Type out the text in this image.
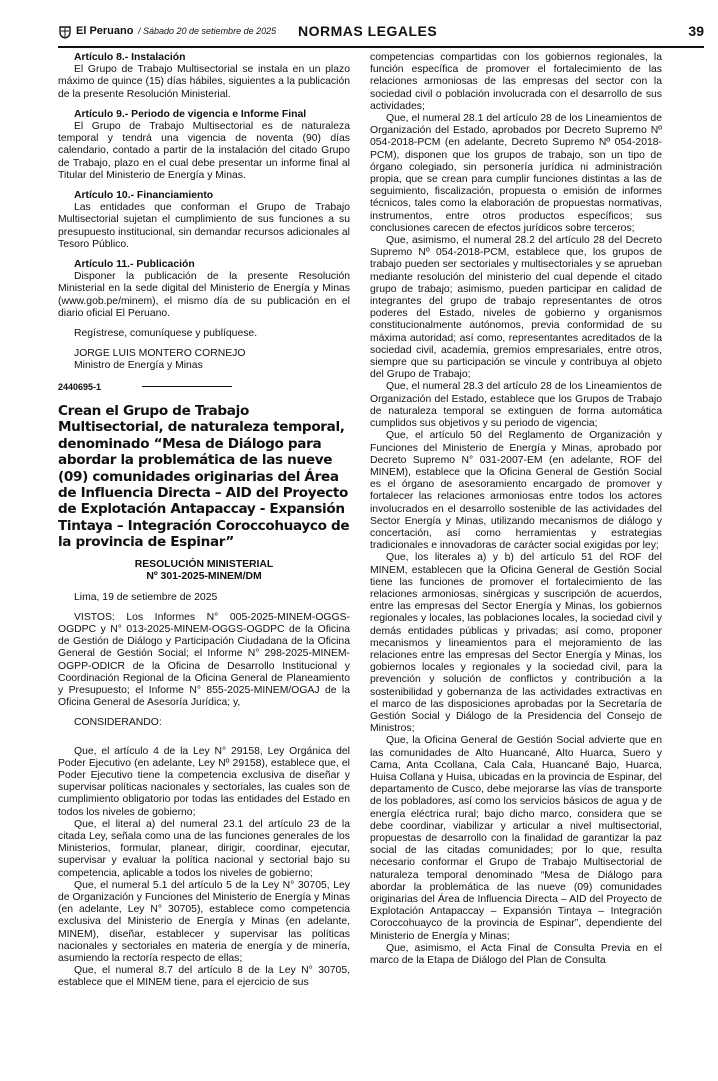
El Peruano / Sábado 20 de setiembre de 2025 NORMAS LEGALES	39

Artículo 8.- Instalación

El Grupo de Trabajo Multisectorial se instala en un plazo máximo de quince (15) días hábiles, siguientes a la publicación de la presente Resolución Ministerial.

Artículo 9.- Periodo de vigencia e Informe Final

El Grupo de Trabajo Multisectorial es de naturaleza temporal y tendrá una vigencia de noventa (90) días calendario, contado a partir de la instalación del citado Grupo de Trabajo, plazo en el cual debe presentar un informe final al Titular del Ministerio de Energía y Minas.

Artículo 10.- Financiamiento

Las entidades que conforman el Grupo de Trabajo Multisectorial sujetan el cumplimiento de sus funciones a su presupuesto institucional, sin demandar recursos adicionales al Tesoro Público.

Artículo 11.- Publicación

Disponer la publicación de la presente Resolución Ministerial en la sede digital del Ministerio de Energía y Minas (www.gob.pe/minem), el mismo día de su publicación en el diario oficial El Peruano.

Regístrese, comuníquese y publíquese.

JORGE LUIS MONTERO CORNEJO

Ministro de Energía y Minas

2440695-1
Crean el Grupo de Trabajo Multisectorial, de naturaleza temporal, denominado “Mesa de Diálogo para abordar la problemática de las nueve (09) comunidades originarias del Área de Influencia Directa – AID del Proyecto de Explotación Antapaccay - Expansión Tintaya – Integración Coroccohuayco de la provincia de Espinar”

RESOLUCIÓN MINISTERIAL

Nº 301-2025-MINEM/DM

Lima, 19 de setiembre de 2025

VISTOS: Los Informes N° 005-2025-MINEM-OGGS-OGDPC y N° 013-2025-MINEM-OGGS-OGDPC de la Oficina de Gestión de Diálogo y Participación Ciudadana de la Oficina General de Gestión Social; el Informe N° 298-2025-MINEM-OGPP-ODICR de la Oficina de Desarrollo Institucional y Coordinación Regional de la Oficina General de Planeamiento y Presupuesto; el Informe N° 855-2025-MINEM/OGAJ de la Oficina General de Asesoría Jurídica; y,

CONSIDERANDO:

Que, el artículo 4 de la Ley N° 29158, Ley Orgánica del Poder Ejecutivo (en adelante, Ley Nº 29158), establece que, el Poder Ejecutivo tiene la competencia exclusiva de diseñar y supervisar políticas nacionales y sectoriales, las cuales son de cumplimiento obligatorio por todas las entidades del Estado en todos los niveles de gobierno;

Que, el literal a) del numeral 23.1 del artículo 23 de la citada Ley, señala como una de las funciones generales de los Ministerios, formular, planear, dirigir, coordinar, ejecutar, supervisar y evaluar la política nacional y sectorial bajo su competencia, aplicable a todos los niveles de gobierno;

Que, el numeral 5.1 del artículo 5 de la Ley N° 30705, Ley de Organización y Funciones del Ministerio de Energía y Minas (en adelante, Ley N° 30705), establece como competencia exclusiva del Ministerio de Energía y Minas (en adelante, MINEM), diseñar, establecer y supervisar las políticas nacionales y sectoriales en materia de energía y de minería, asumiendo la rectoría respecto de ellas;

Que, el numeral 8.7 del artículo 8 de la Ley N° 30705, establece que el MINEM tiene, para el ejercicio de sus

competencias compartidas con los gobiernos regionales, la función específica de promover el fortalecimiento de las relaciones armoniosas de las empresas del sector con la sociedad civil o población involucrada con el desarrollo de sus actividades;

Que, el numeral 28.1 del artículo 28 de los Lineamientos de Organización del Estado, aprobados por Decreto Supremo Nº 054-2018-PCM (en adelante, Decreto Supremo Nº 054-2018-PCM), disponen que los grupos de trabajo, son un tipo de órgano colegiado, sin personería jurídica ni administración propia, que se crean para cumplir funciones distintas a las de seguimiento, fiscalización, propuesta o emisión de informes técnicos, tales como la elaboración de propuestas normativas, instrumentos, entre otros productos específicos; sus conclusiones carecen de efectos jurídicos sobre terceros;

Que, asimismo, el numeral 28.2 del artículo 28 del Decreto Supremo Nº 054-2018-PCM, establece que, los grupos de trabajo pueden ser sectoriales y multisectoriales y se aprueban mediante resolución del ministerio del cual depende el citado grupo de trabajo; asimismo, pueden participar en calidad de integrantes del grupo de trabajo representantes de otros poderes del Estado, niveles de gobierno y organismos constitucionalmente autónomos, previa conformidad de su máxima autoridad; así como, representantes acreditados de la sociedad civil, academia, gremios empresariales, entre otros, siempre que su participación se vincule y contribuya al objeto del Grupo de Trabajo;

Que, el numeral 28.3 del artículo 28 de los Lineamientos de Organización del Estado, establece que los Grupos de Trabajo de naturaleza temporal se extinguen de forma automática cumplidos sus objetivos y su periodo de vigencia;

Que, el artículo 50 del Reglamento de Organización y Funciones del Ministerio de Energía y Minas, aprobado por Decreto Supremo N° 031-2007-EM (en adelante, ROF del MINEM), establece que la Oficina General de Gestión Social es el órgano de asesoramiento encargado de promover y fortalecer las relaciones armoniosas entre todos los actores involucrados en el desarrollo sostenible de las actividades del Sector Energía y Minas, utilizando mecanismos de diálogo y concertación, así como herramientas y estrategias tradicionales e innovadoras de carácter social exigidas por ley;

Que, los literales a) y b) del artículo 51 del ROF del MINEM, establecen que la Oficina General de Gestión Social tiene las funciones de promover el fortalecimiento de las relaciones armoniosas, sinérgicas y suscripción de acuerdos, entre las empresas del Sector Energía y Minas, los gobiernos regionales y locales, las poblaciones locales, la sociedad civil y demás entidades públicas y privadas; así como, proponer mecanismos y lineamientos para el mejoramiento de las relaciones entre las empresas del Sector Energía y Minas, los gobiernos locales y regionales y la sociedad civil, para la prevención y solución de conflictos y contribución a la sostenibilidad y gobernanza de las actividades extractivas en el marco de las disposiciones aprobadas por la Secretaría de Gestión Social y Diálogo de la Presidencia del Consejo de Ministros;

Que, la Oficina General de Gestión Social advierte que en las comunidades de Alto Huancané, Alto Huarca, Suero y Cama, Anta Ccollana, Cala Cala, Huancané Bajo, Huarca, Huisa Collana y Huisa, ubicadas en la provincia de Espinar, del departamento de Cusco, debe mejorarse las vías de transporte de los pobladores, así como los servicios básicos de agua y de energía eléctrica rural; bajo dicho marco, considera que se debe coordinar, viabilizar y articular a nivel multisectorial, propuestas de desarrollo con la finalidad de garantizar la paz social de las citadas comunidades; por lo que, resulta necesario conformar el Grupo de Trabajo Multisectorial de naturaleza temporal denominado “Mesa de Diálogo para abordar la problemática de las nueve (09) comunidades originarias del Área de Influencia Directa – AID del Proyecto de Explotación Antapaccay – Expansión Tintaya – Integración Coroccohuayco de la provincia de Espinar”, dependiente del Ministerio de Energía y Minas;

Que, asimismo, el Acta Final de Consulta Previa en el marco de la Etapa de Diálogo del Plan de Consulta
